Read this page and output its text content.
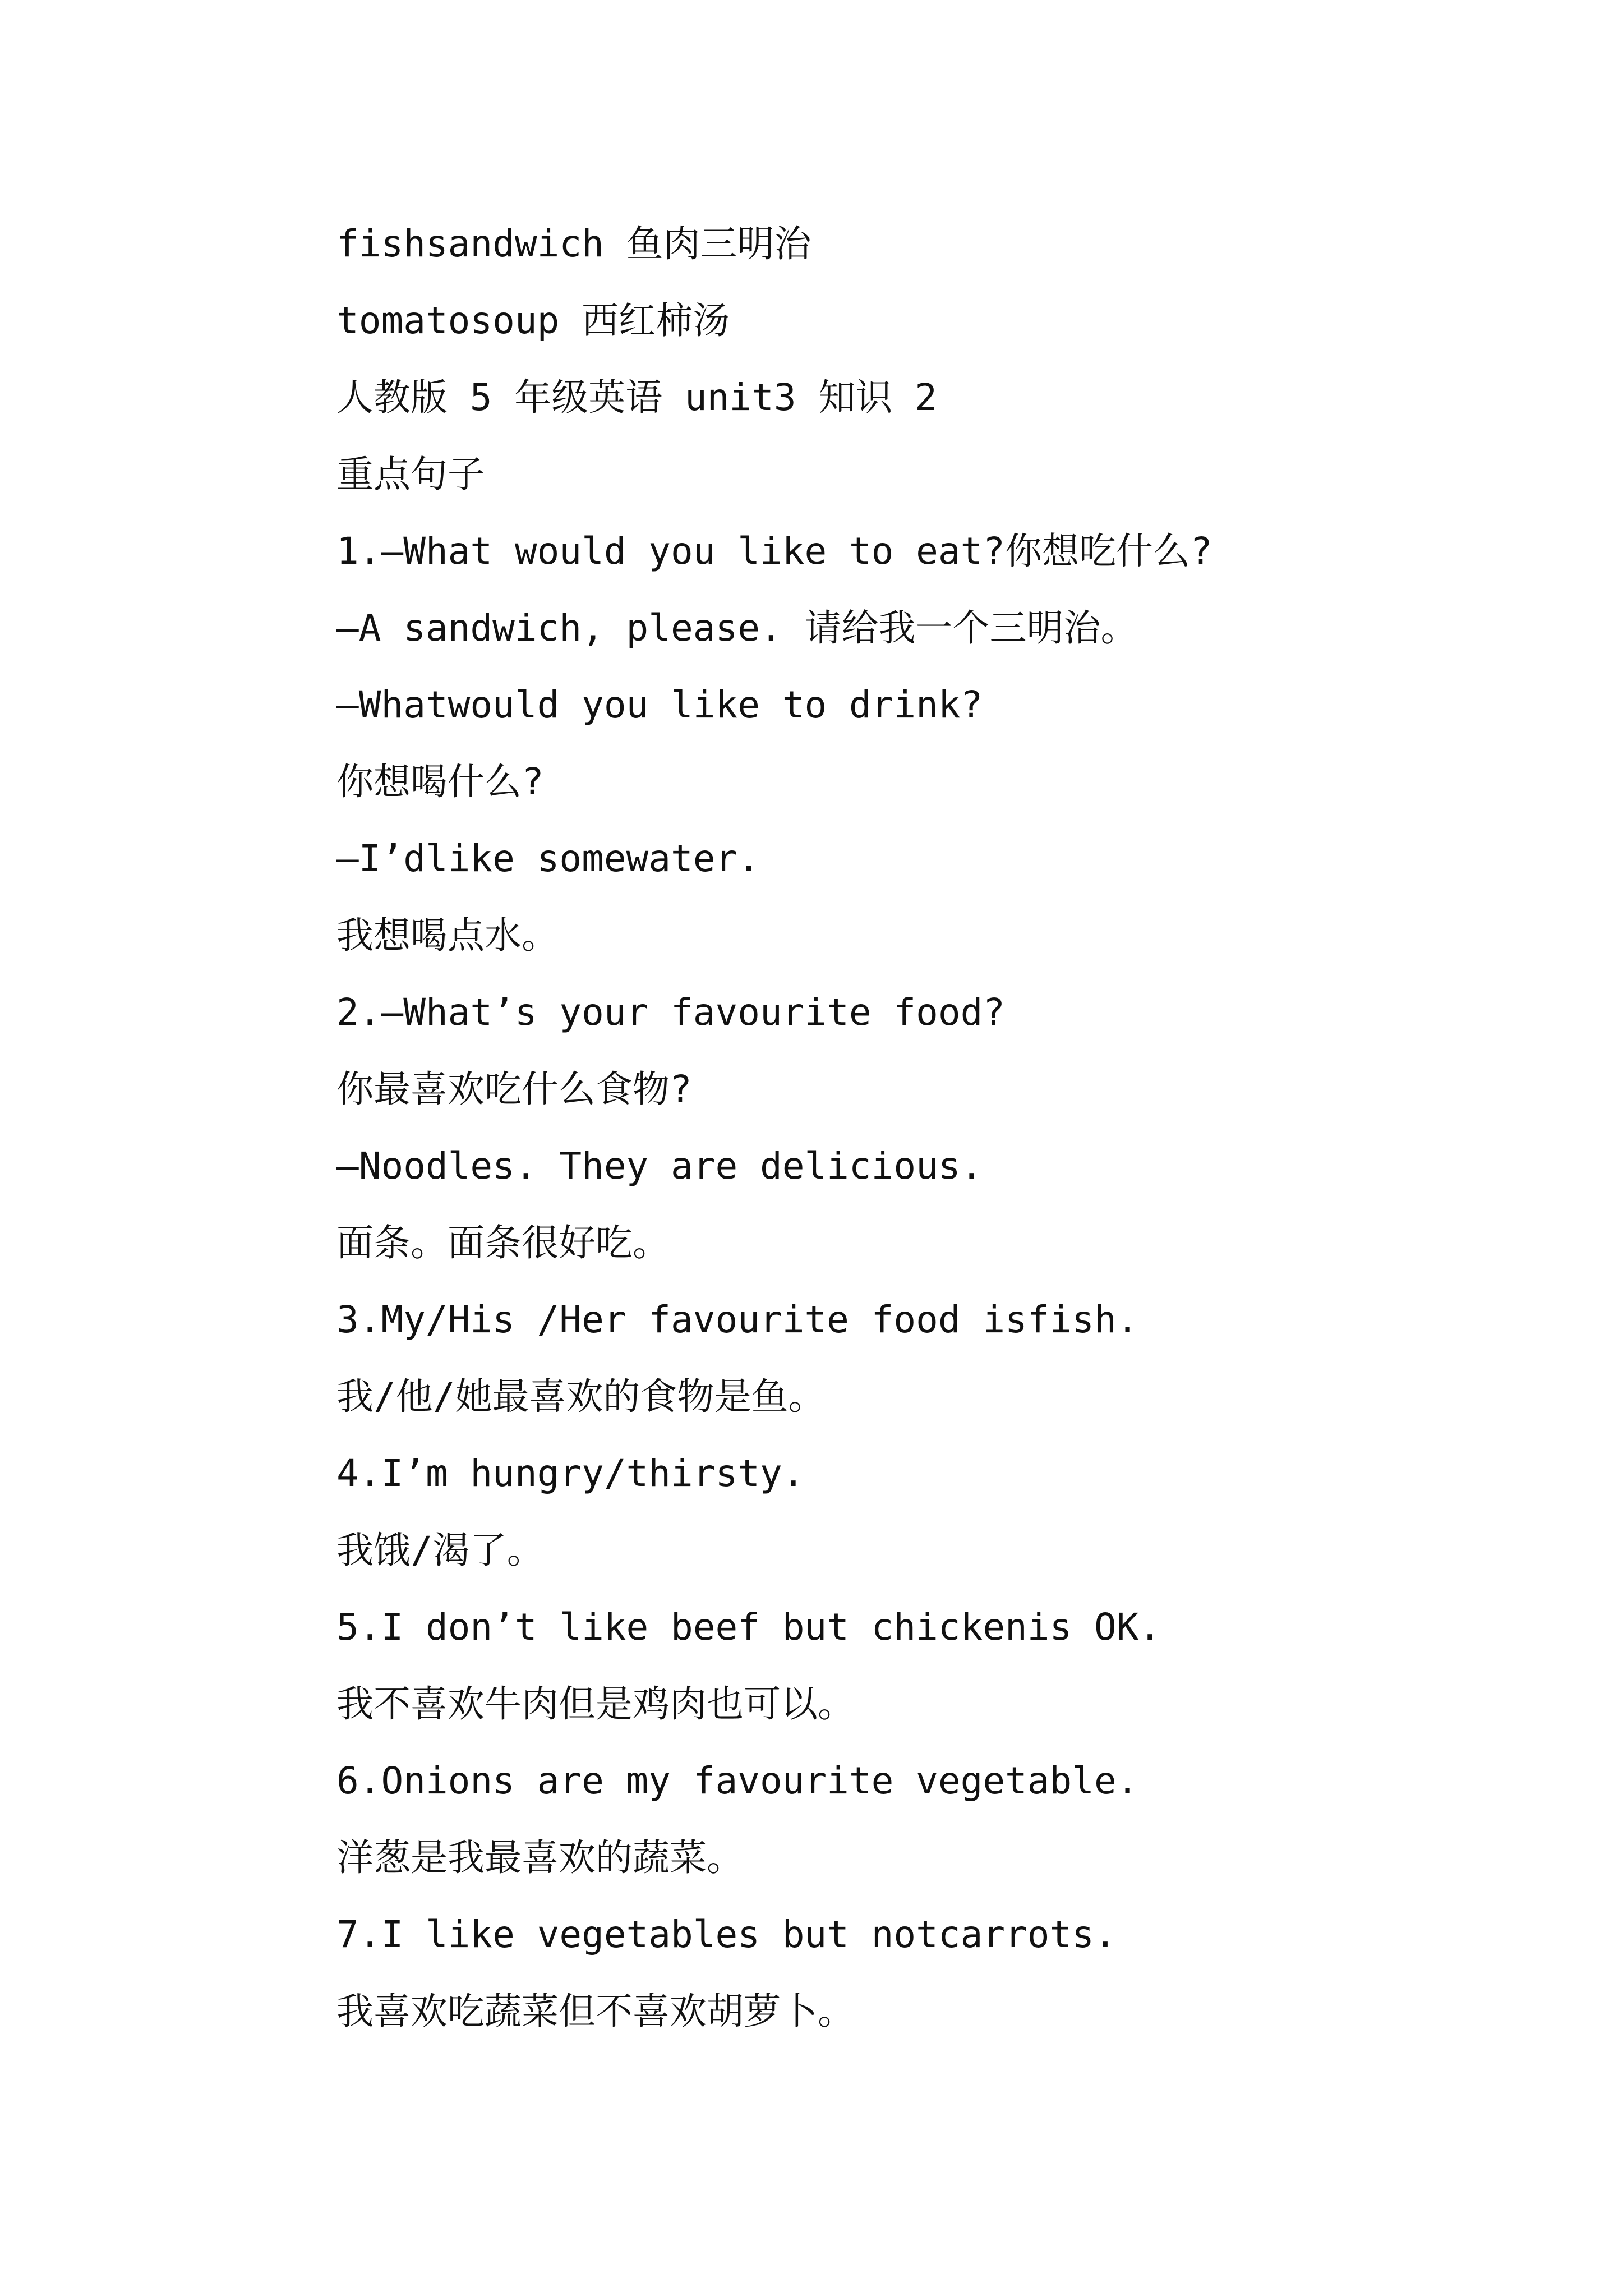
fishsandwich 鱼肉三明治
tomatosoup 西红柿汤
人教版 5 年级英语 unit3 知识 2
重点句子
1.—What would you like to eat?你想吃什么?
—A sandwich, please. 请给我一个三明治。
—Whatwould you like to drink?
你想喝什么?
—I’dlike somewater.
我想喝点水。
2.—What’s your favourite food?
你最喜欢吃什么食物?
—Noodles. They are delicious.
面条。面条很好吃。
3.My/His /Her favourite food isfish.
我/他/她最喜欢的食物是鱼。
4.I’m hungry/thirsty.
我饿/渴了。
5.I don’t like beef but chickenis OK.
我不喜欢牛肉但是鸡肉也可以。
6.Onions are my favourite vegetable.
洋葱是我最喜欢的蔬菜。
7.I like vegetables but notcarrots.
我喜欢吃蔬菜但不喜欢胡萝卜。
